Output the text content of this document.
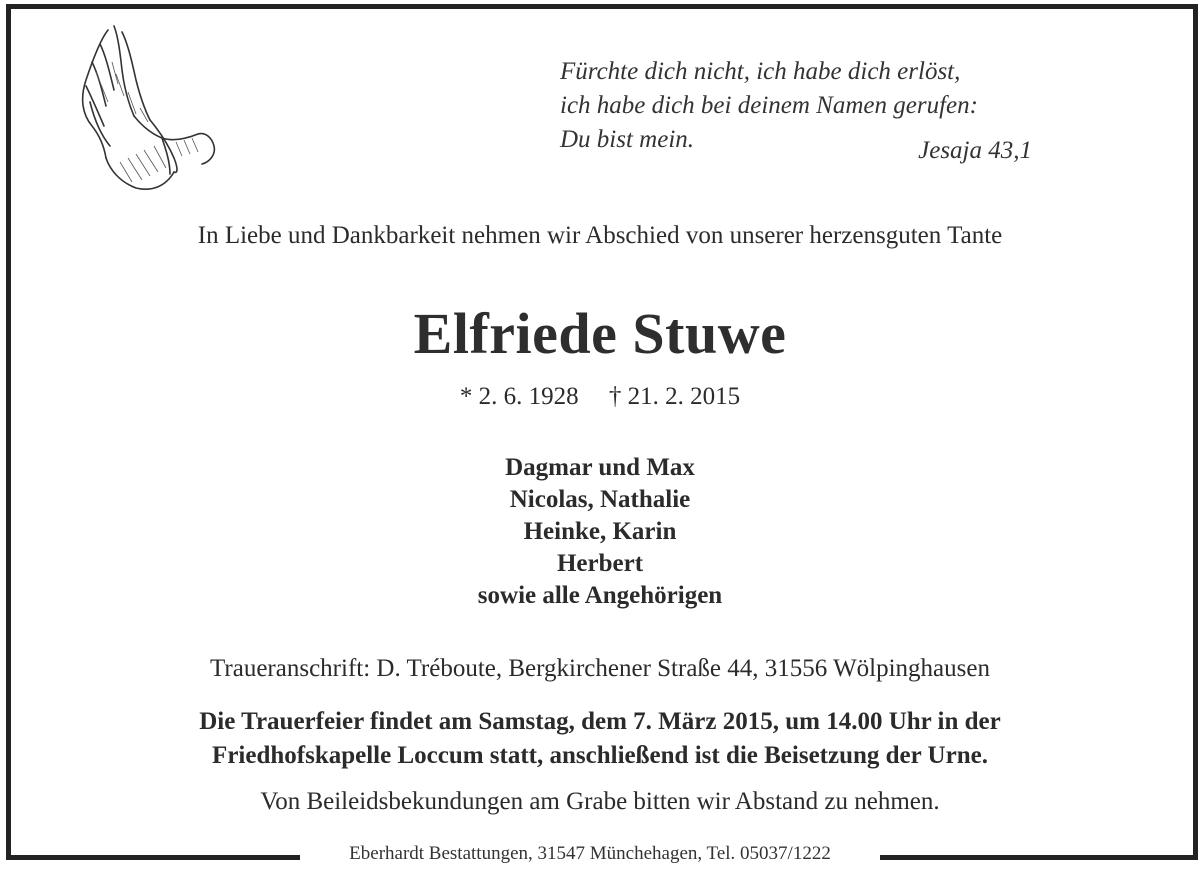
Eberhardt Bestattungen, 31547 Münchehagen, Tel. 05037/1222
Fürchte dich nicht, ich habe dich erlöst,
ich habe dich bei deinem Namen gerufen:
Du bist mein.	Jesaja 43,1
In Liebe und Dankbarkeit nehmen wir Abschied von unserer herzensguten Tante
Elfriede Stuwe
* 2. 6. 1928 † 21. 2. 2015
Dagmar und Max
Nicolas, Nathalie
Heinke, Karin
Herbert
sowie alle Angehörigen
Traueranschrift: D. Tréboute, Bergkirchener Straße 44, 31556 Wölpinghausen
Die Trauerfeier findet am Samstag, dem 7. März 2015, um 14.00 Uhr in der
Friedhofskapelle Loccum statt, anschließend ist die Beisetzung der Urne.
Von Beileidsbekundungen am Grabe bitten wir Abstand zu nehmen.
